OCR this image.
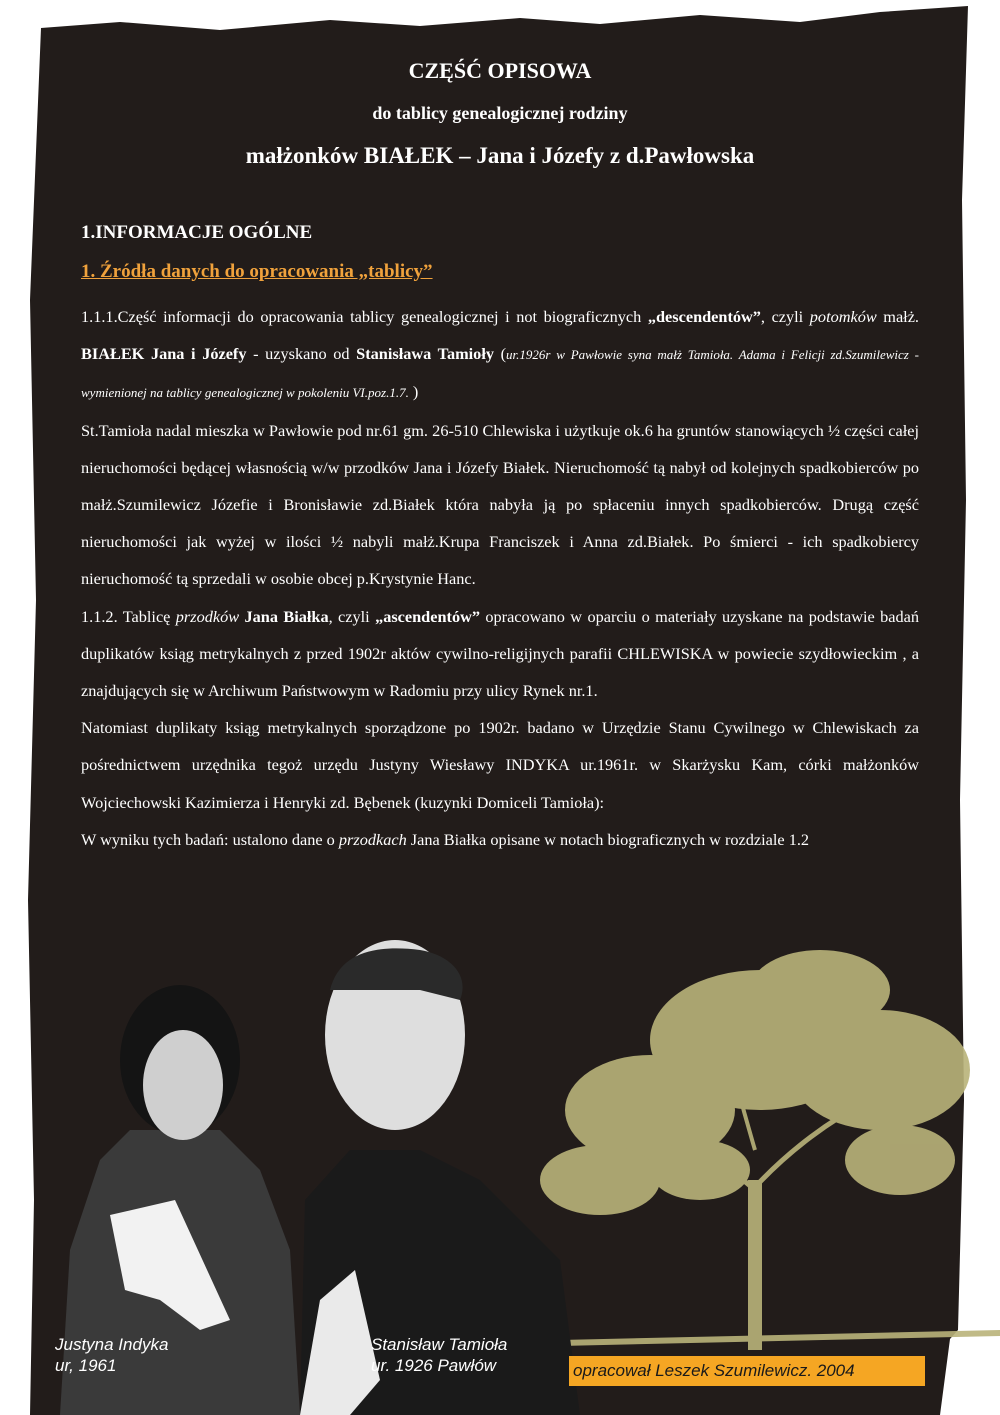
CZĘŚĆ OPISOWA
do tablicy genealogicznej rodziny
małżonków BIAŁEK – Jana i Józefy z d.Pawłowska
1.INFORMACJE OGÓLNE
1. Źródła danych do opracowania „tablicy”

1.1.1.Część informacji do opracowania tablicy genealogicznej i not biograficznych „descendentów”, czyli potomków małż. BIAŁEK Jana i Józefy - uzyskano od Stanisława Tamioły (ur.1926r w Pawłowie syna małż Tamioła. Adama i Felicji zd.Szumilewicz - wymienionej na tablicy genealogicznej w pokoleniu VI.poz.1.7. )

St.Tamioła nadal mieszka w Pawłowie pod nr.61 gm. 26-510 Chlewiska i użytkuje ok.6 ha gruntów stanowiących ½ części całej nieruchomości będącej własnością w/w przodków Jana i Józefy Białek. Nieruchomość tą nabył od kolejnych spadkobierców po małż.Szumilewicz Józefie i Bronisławie zd.Białek która nabyła ją po spłaceniu innych spadkobierców. Drugą część nieruchomości jak wyżej w ilości ½ nabyli małż.Krupa Franciszek i Anna zd.Białek. Po śmierci - ich spadkobiercy nieruchomość tą sprzedali w osobie obcej p.Krystynie Hanc.

1.1.2. Tablicę przodków Jana Białka, czyli „ascendentów” opracowano w oparciu o materiały uzyskane na podstawie badań duplikatów ksiąg metrykalnych z przed 1902r aktów cywilno-religijnych parafii CHLEWISKA w powiecie szydłowieckim , a znajdujących się w Archiwum Państwowym w Radomiu przy ulicy Rynek nr.1.

Natomiast duplikaty ksiąg metrykalnych sporządzone po 1902r. badano w Urzędzie Stanu Cywilnego w Chlewiskach za pośrednictwem urzędnika tegoż urzędu Justyny Wiesławy INDYKA ur.1961r. w Skarżysku Kam, córki małżonków Wojciechowski Kazimierza i Henryki zd. Bębenek (kuzynki Domiceli Tamioła):

W wyniku tych badań: ustalono dane o przodkach Jana Białka opisane w notach biograficznych w rozdziale 1.2

Justyna Indyka
ur, 1961
Stanisław Tamioła
ur. 1926 Pawłów	opracował Leszek Szumilewicz. 2004
